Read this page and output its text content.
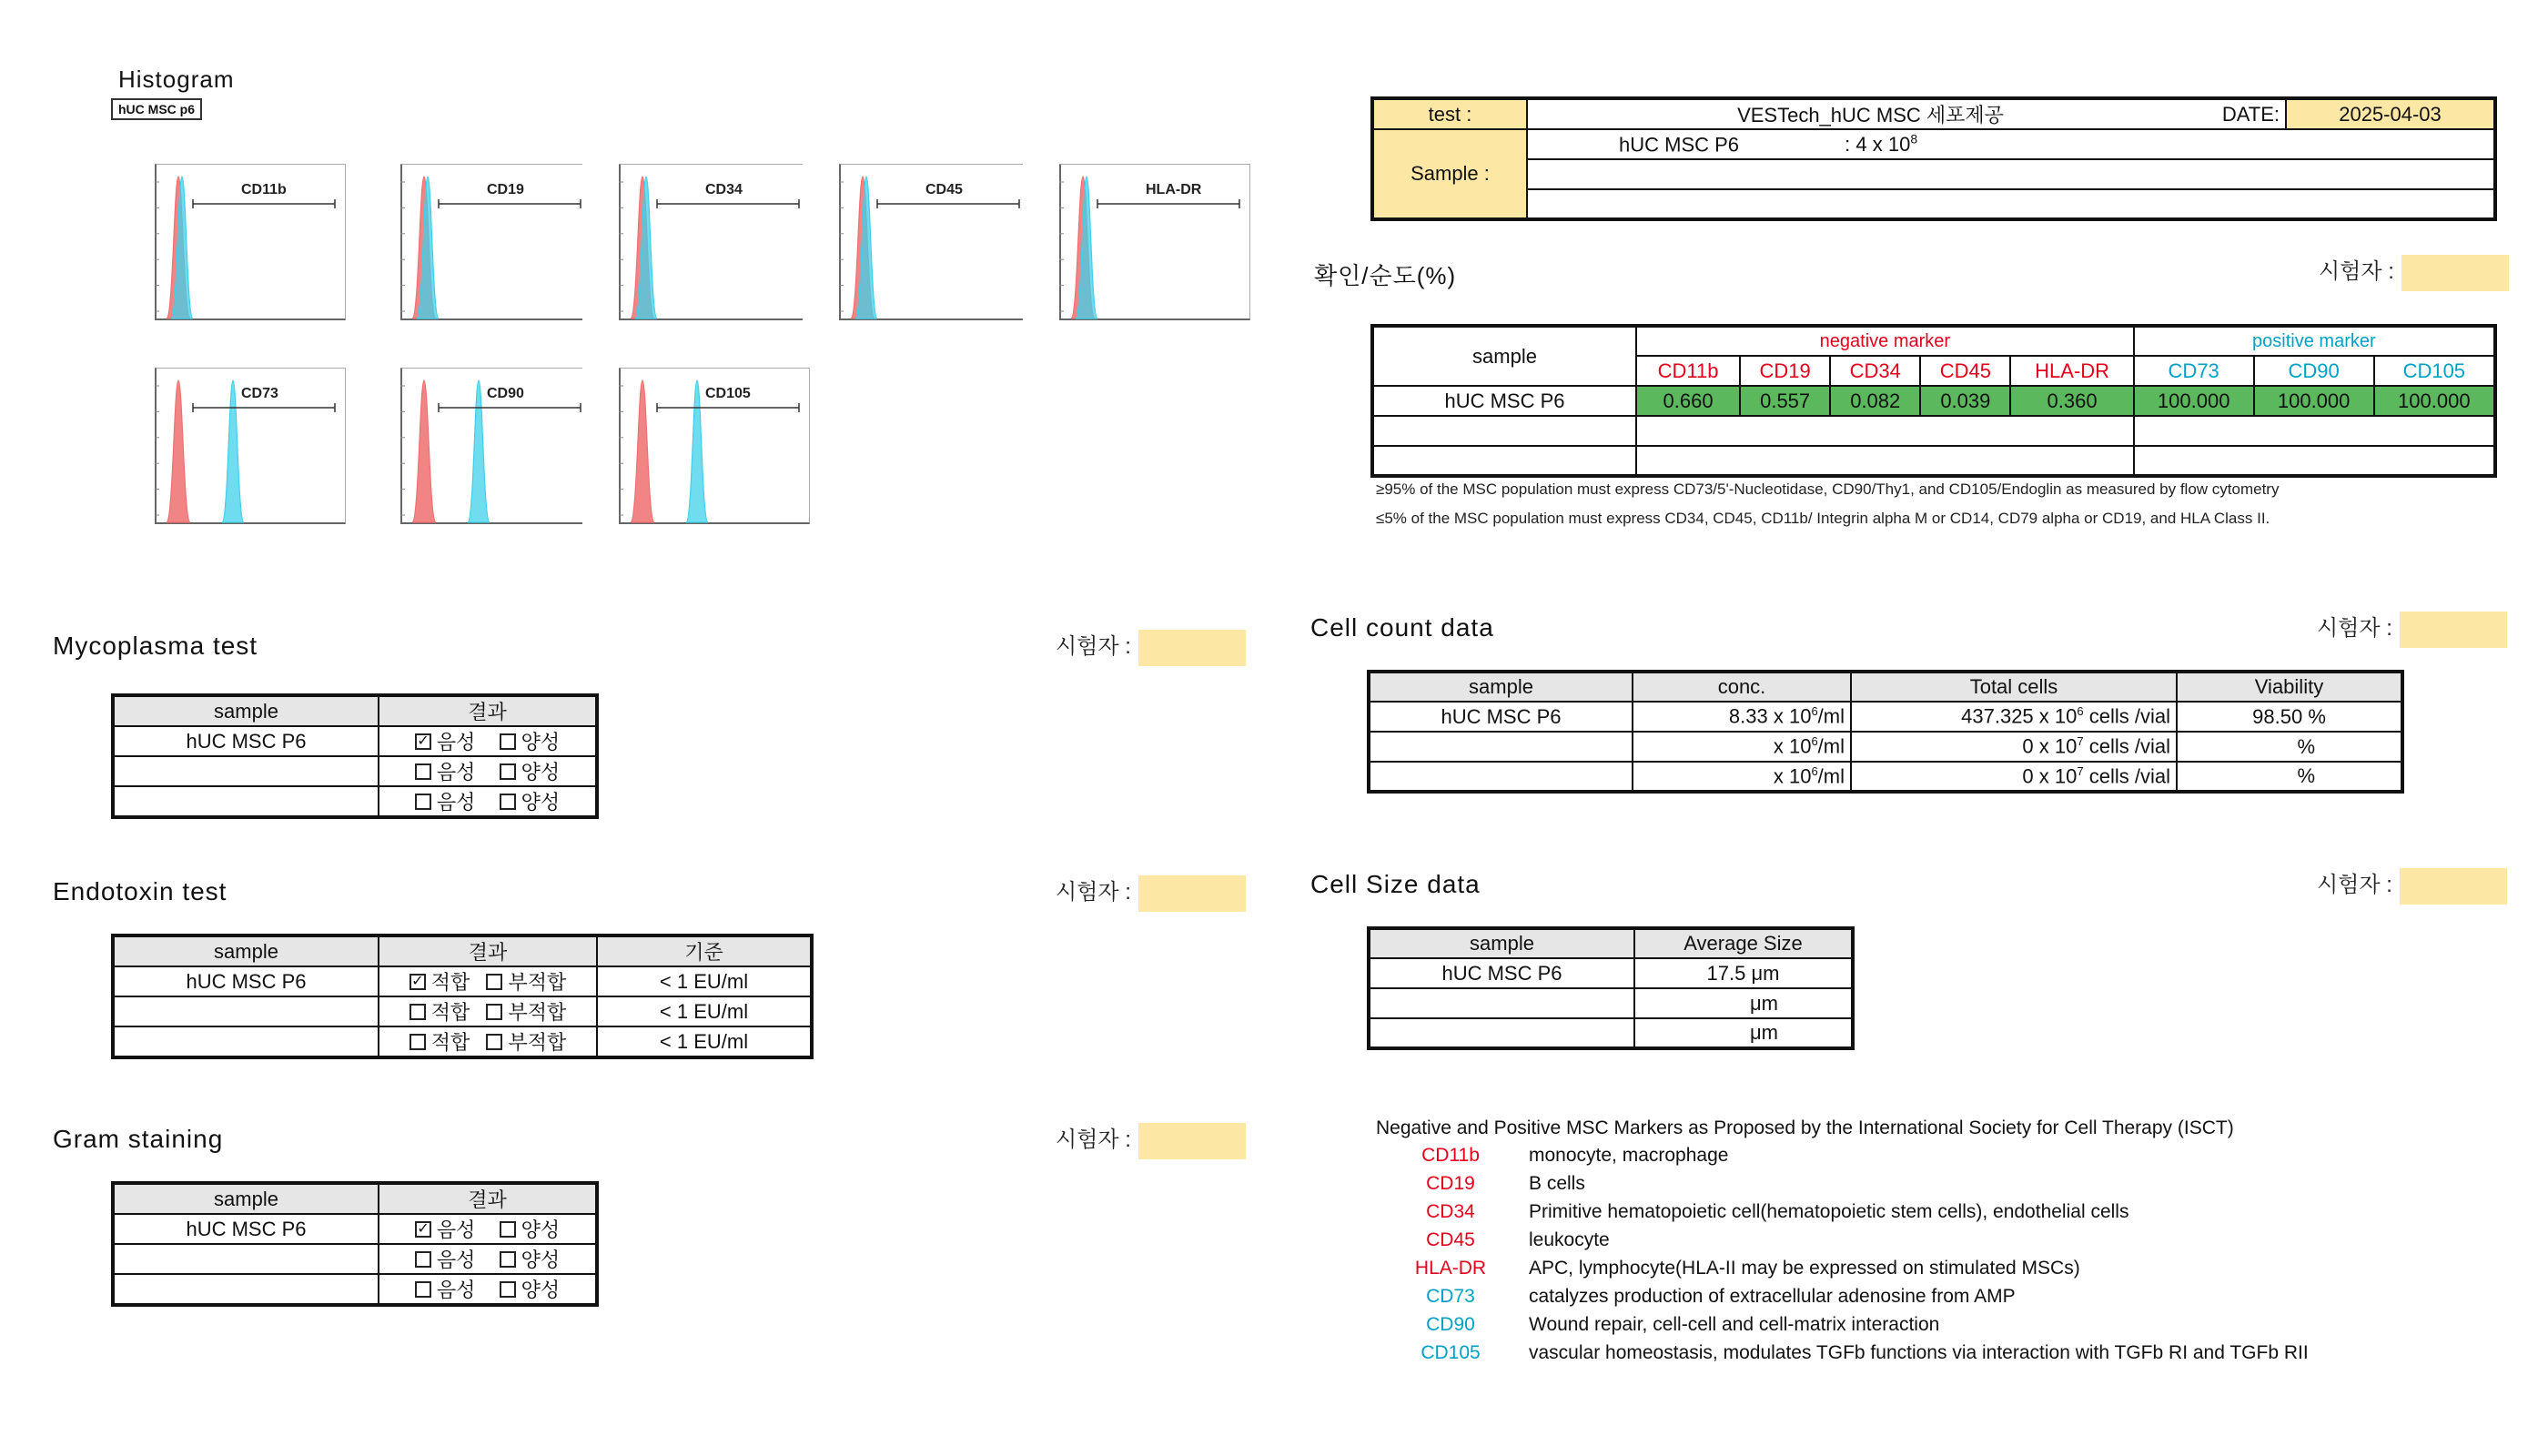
Histogram
hUC MSC p6
CD11b	CD19	CD34	CD45	HLA-DR
CD73	CD90	CD105
test :	VESTech_hUC MSC 세포제공	DATE:	2025-04-03
Sample :	hUC MSC P6 : 4 x $10^8$

확인/순도(%)	시험자 :
sample	negative marker					positive marker		
	CD11b	CD19	CD34	CD45	HLA-DR	CD73	CD90	CD105
hUC MSC P6	0.660	0.557	0.082	0.039	0.360	100.000	100.000	100.000

≥95% of the MSC population must express CD73/5'-Nucleotidase, CD90/Thy1, and CD105/Endoglin as measured by flow cytometry
≤5% of the MSC population must express CD34, CD45, CD11b/ Integrin alpha M or CD14, CD79 alpha or CD19, and HLA Class II.
Mycoplasma test	시험자 :
sample	결과
hUC MSC P6	✓ 음성 양성
	음성 양성
	음성 양성
Endotoxin test	시험자 :
sample	결과	기준
hUC MSC P6	✓ 적합 부적합	< 1 EU/ml
	적합 부적합	< 1 EU/ml
	적합 부적합	< 1 EU/ml
Gram staining	시험자 :
sample	결과
hUC MSC P6	✓ 음성 양성
	음성 양성
	음성 양성
Cell count data	시험자 :
sample	conc.	Total cells	Viability
hUC MSC P6	8.33 x $10^6/ml$	437.325 x $10^6$ cells /vial	98.50 %
	x $10^6/ml$	0 x $10^7$ cells /vial	%
	x $10^6/ml$	0 x $10^7$ cells /vial	%
Cell Size data	시험자 :
sample	Average Size
hUC MSC P6	17.5 μm
	μm
	μm
Negative and Positive MSC Markers as Proposed by the International Society for Cell Therapy (ISCT)
CD11b	monocyte, macrophage
CD19	B cells
CD34	Primitive hematopoietic cell(hematopoietic stem cells), endothelial cells
CD45	leukocyte
HLA-DR APC, lymphocyte(HLA-II may be expressed on stimulated MSCs)
CD73	catalyzes production of extracellular adenosine from AMP
CD90	Wound repair, cell-cell and cell-matrix interaction
CD105	vascular homeostasis, modulates TGFb functions via interaction with TGFb RI and TGFb RII
